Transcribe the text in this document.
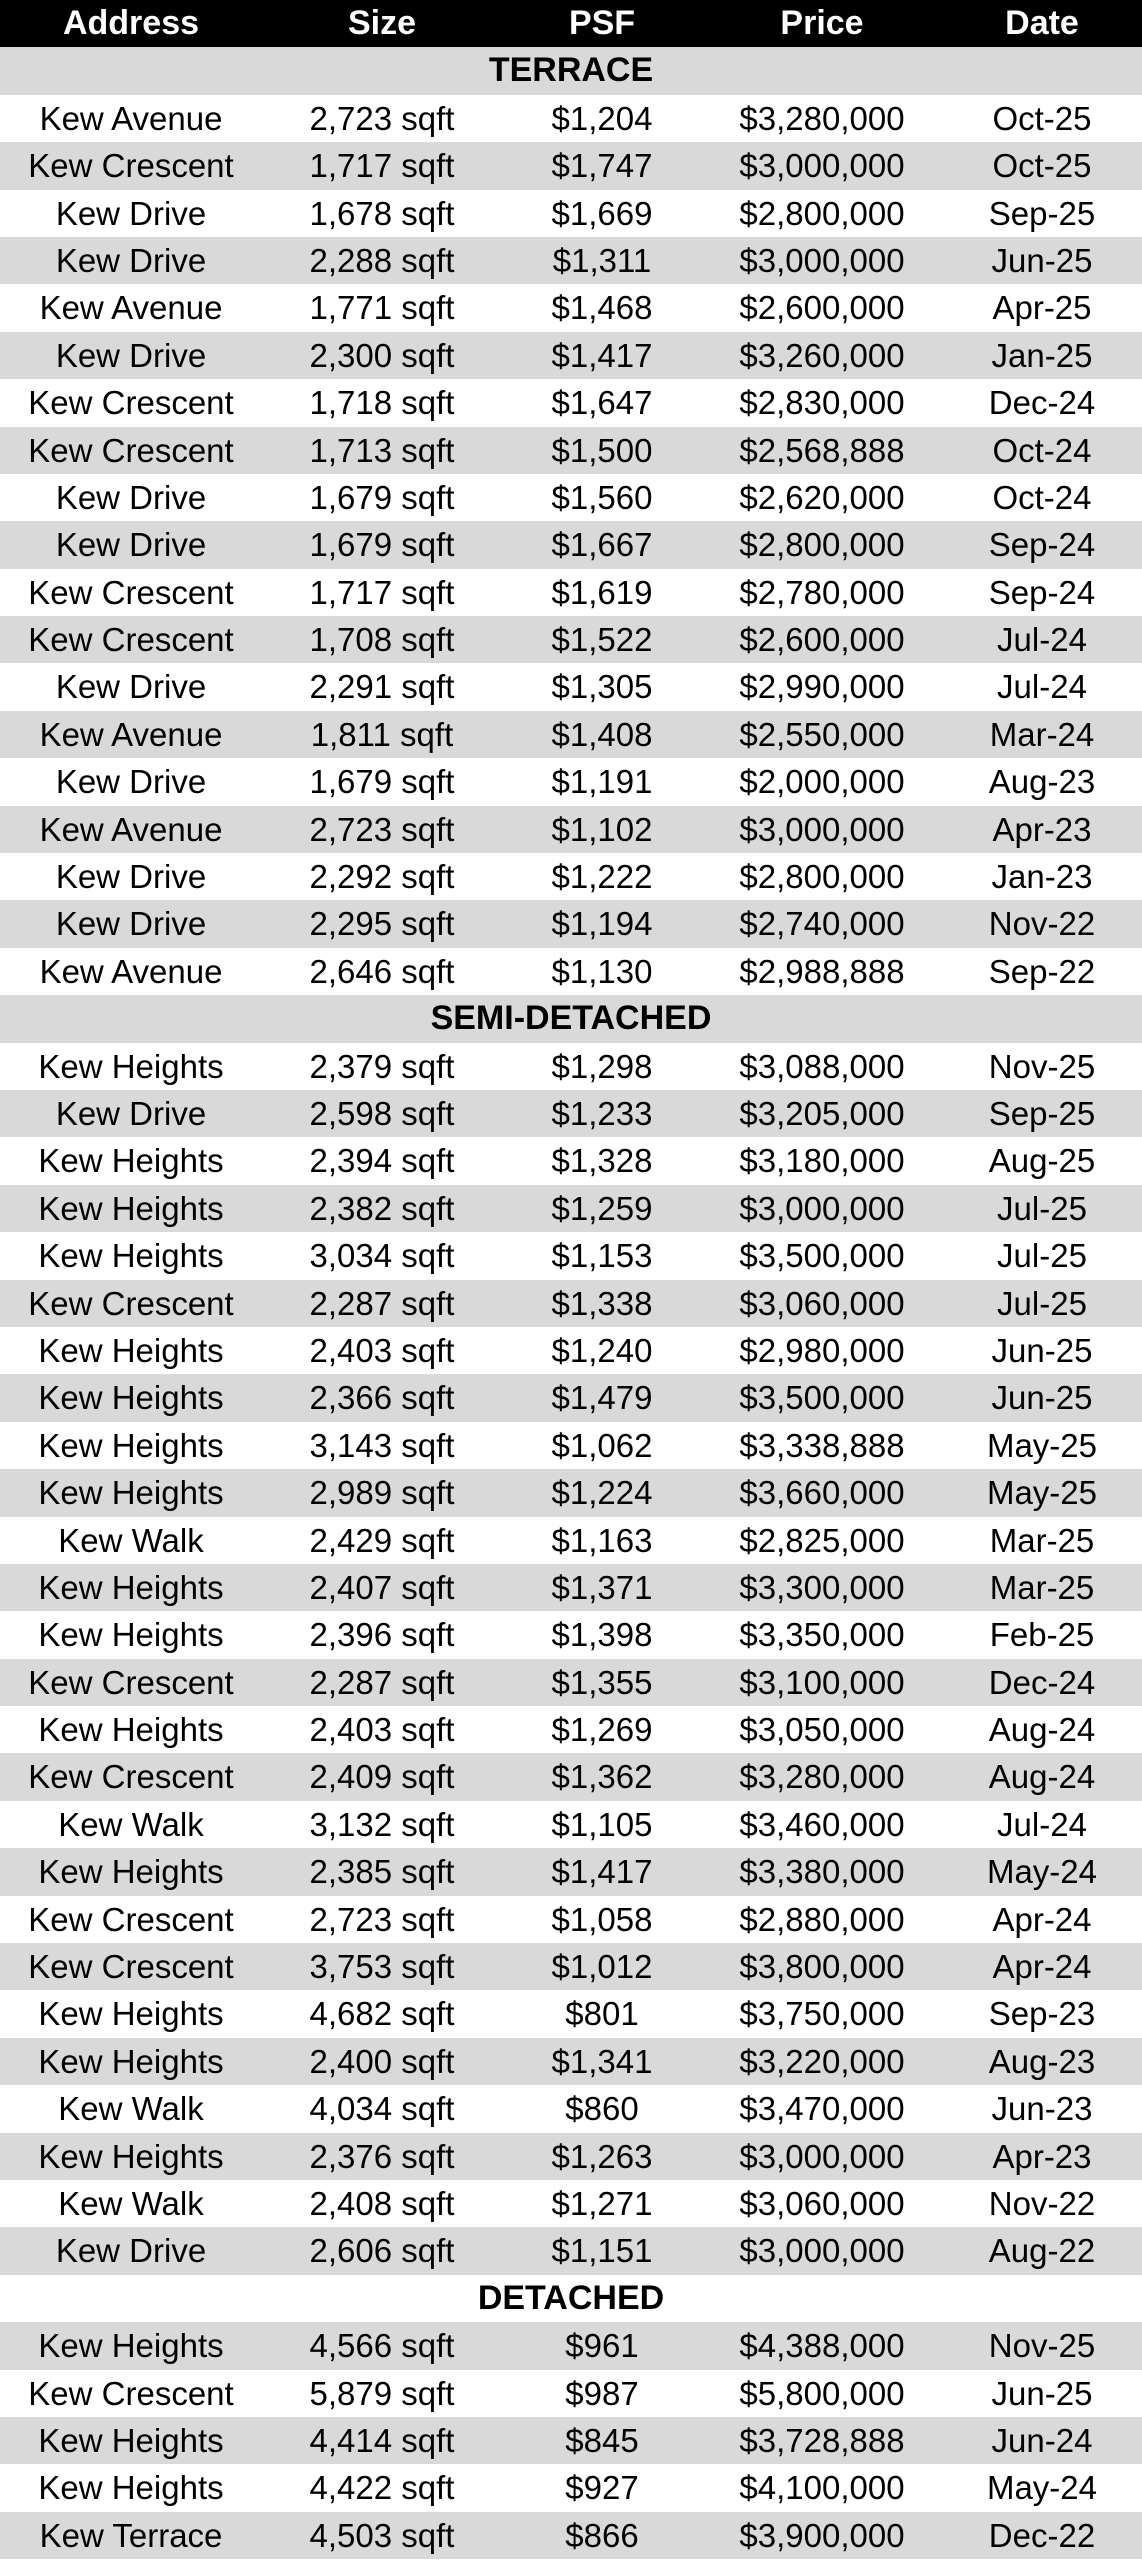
Address	Size	PSF	Price	Date
TERRACE
Kew Avenue	2,723 sqft	$1,204	$3,280,000	Oct-25
Kew Crescent	1,717 sqft	$1,747	$3,000,000	Oct-25
Kew Drive	1,678 sqft	$1,669	$2,800,000	Sep-25
Kew Drive	2,288 sqft	$1,311	$3,000,000	Jun-25
Kew Avenue	1,771 sqft	$1,468	$2,600,000	Apr-25
Kew Drive	2,300 sqft	$1,417	$3,260,000	Jan-25
Kew Crescent	1,718 sqft	$1,647	$2,830,000	Dec-24
Kew Crescent	1,713 sqft	$1,500	$2,568,888	Oct-24
Kew Drive	1,679 sqft	$1,560	$2,620,000	Oct-24
Kew Drive	1,679 sqft	$1,667	$2,800,000	Sep-24
Kew Crescent	1,717 sqft	$1,619	$2,780,000	Sep-24
Kew Crescent	1,708 sqft	$1,522	$2,600,000	Jul-24
Kew Drive	2,291 sqft	$1,305	$2,990,000	Jul-24
Kew Avenue	1,811 sqft	$1,408	$2,550,000	Mar-24
Kew Drive	1,679 sqft	$1,191	$2,000,000	Aug-23
Kew Avenue	2,723 sqft	$1,102	$3,000,000	Apr-23
Kew Drive	2,292 sqft	$1,222	$2,800,000	Jan-23
Kew Drive	2,295 sqft	$1,194	$2,740,000	Nov-22
Kew Avenue	2,646 sqft	$1,130	$2,988,888	Sep-22
SEMI-DETACHED
Kew Heights	2,379 sqft	$1,298	$3,088,000	Nov-25
Kew Drive	2,598 sqft	$1,233	$3,205,000	Sep-25
Kew Heights	2,394 sqft	$1,328	$3,180,000	Aug-25
Kew Heights	2,382 sqft	$1,259	$3,000,000	Jul-25
Kew Heights	3,034 sqft	$1,153	$3,500,000	Jul-25
Kew Crescent	2,287 sqft	$1,338	$3,060,000	Jul-25
Kew Heights	2,403 sqft	$1,240	$2,980,000	Jun-25
Kew Heights	2,366 sqft	$1,479	$3,500,000	Jun-25
Kew Heights	3,143 sqft	$1,062	$3,338,888	May-25
Kew Heights	2,989 sqft	$1,224	$3,660,000	May-25
Kew Walk	2,429 sqft	$1,163	$2,825,000	Mar-25
Kew Heights	2,407 sqft	$1,371	$3,300,000	Mar-25
Kew Heights	2,396 sqft	$1,398	$3,350,000	Feb-25
Kew Crescent	2,287 sqft	$1,355	$3,100,000	Dec-24
Kew Heights	2,403 sqft	$1,269	$3,050,000	Aug-24
Kew Crescent	2,409 sqft	$1,362	$3,280,000	Aug-24
Kew Walk	3,132 sqft	$1,105	$3,460,000	Jul-24
Kew Heights	2,385 sqft	$1,417	$3,380,000	May-24
Kew Crescent	2,723 sqft	$1,058	$2,880,000	Apr-24
Kew Crescent	3,753 sqft	$1,012	$3,800,000	Apr-24
Kew Heights	4,682 sqft	$801	$3,750,000	Sep-23
Kew Heights	2,400 sqft	$1,341	$3,220,000	Aug-23
Kew Walk	4,034 sqft	$860	$3,470,000	Jun-23
Kew Heights	2,376 sqft	$1,263	$3,000,000	Apr-23
Kew Walk	2,408 sqft	$1,271	$3,060,000	Nov-22
Kew Drive	2,606 sqft	$1,151	$3,000,000	Aug-22
DETACHED
Kew Heights	4,566 sqft	$961	$4,388,000	Nov-25
Kew Crescent	5,879 sqft	$987	$5,800,000	Jun-25
Kew Heights	4,414 sqft	$845	$3,728,888	Jun-24
Kew Heights	4,422 sqft	$927	$4,100,000	May-24
Kew Terrace	4,503 sqft	$866	$3,900,000	Dec-22
